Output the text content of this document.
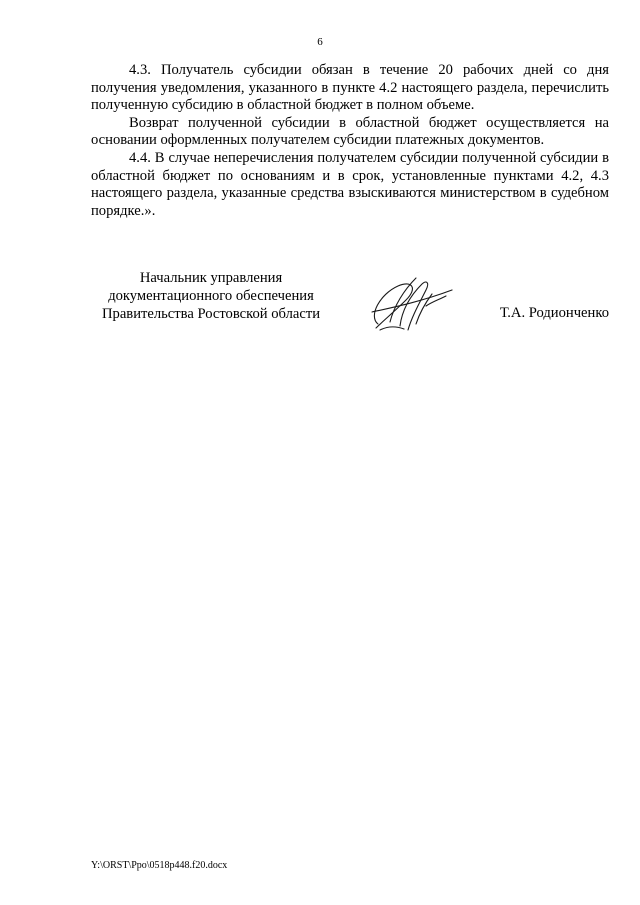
6

4.3. Получатель субсидии обязан в течение 20 рабочих дней со дня получения уведомления, указанного в пункте 4.2 настоящего раздела, перечислить полученную субсидию в областной бюджет в полном объеме.

Возврат полученной субсидии в областной бюджет осуществляется на основании оформленных получателем субсидии платежных документов.

4.4. В случае неперечисления получателем субсидии полученной субсидии в областной бюджет по основаниям и в срок, установленные пунктами 4.2, 4.3 настоящего раздела, указанные средства взыскиваются министерством в судебном порядке.».

Начальник управления
документационного обеспечения
Правительства Ростовской области	Т.А. Родионченко
Y:\ORST\Ppo\0518p448.f20.docx
